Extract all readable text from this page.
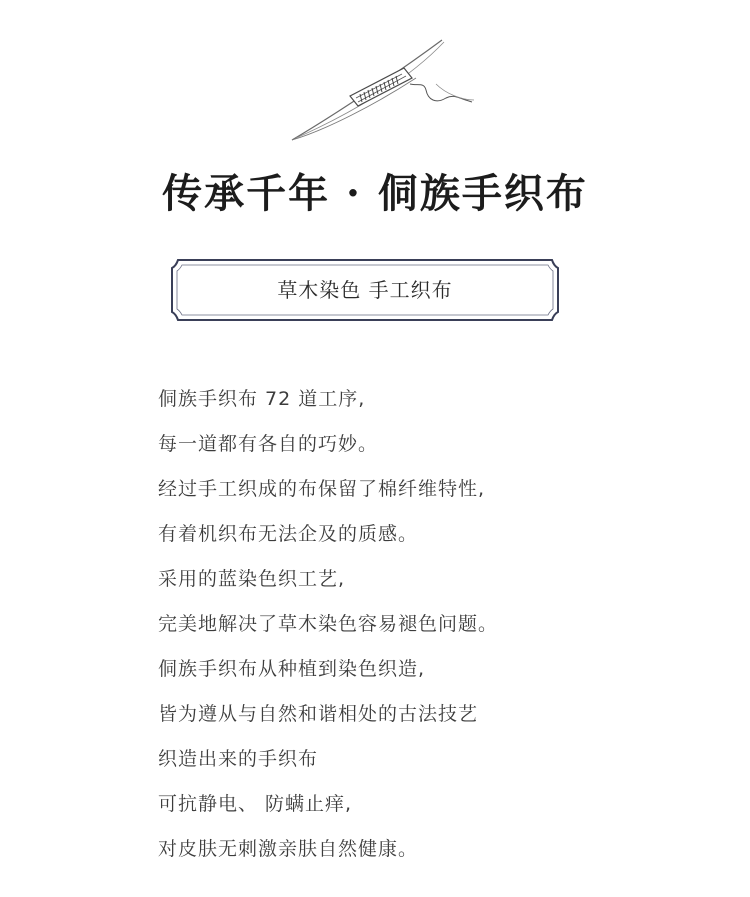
传承千年 · 侗族手织布
草木染色 手工织布
侗族手织布 72 道工序,
每一道都有各自的巧妙。
经过手工织成的布保留了棉纤维特性,
有着机织布无法企及的质感。
采用的蓝染色织工艺,
完美地解决了草木染色容易褪色问题。
侗族手织布从种植到染色织造,
皆为遵从与自然和谐相处的古法技艺
织造出来的手织布
可抗静电、 防螨止痒,
对皮肤无刺激亲肤自然健康。
